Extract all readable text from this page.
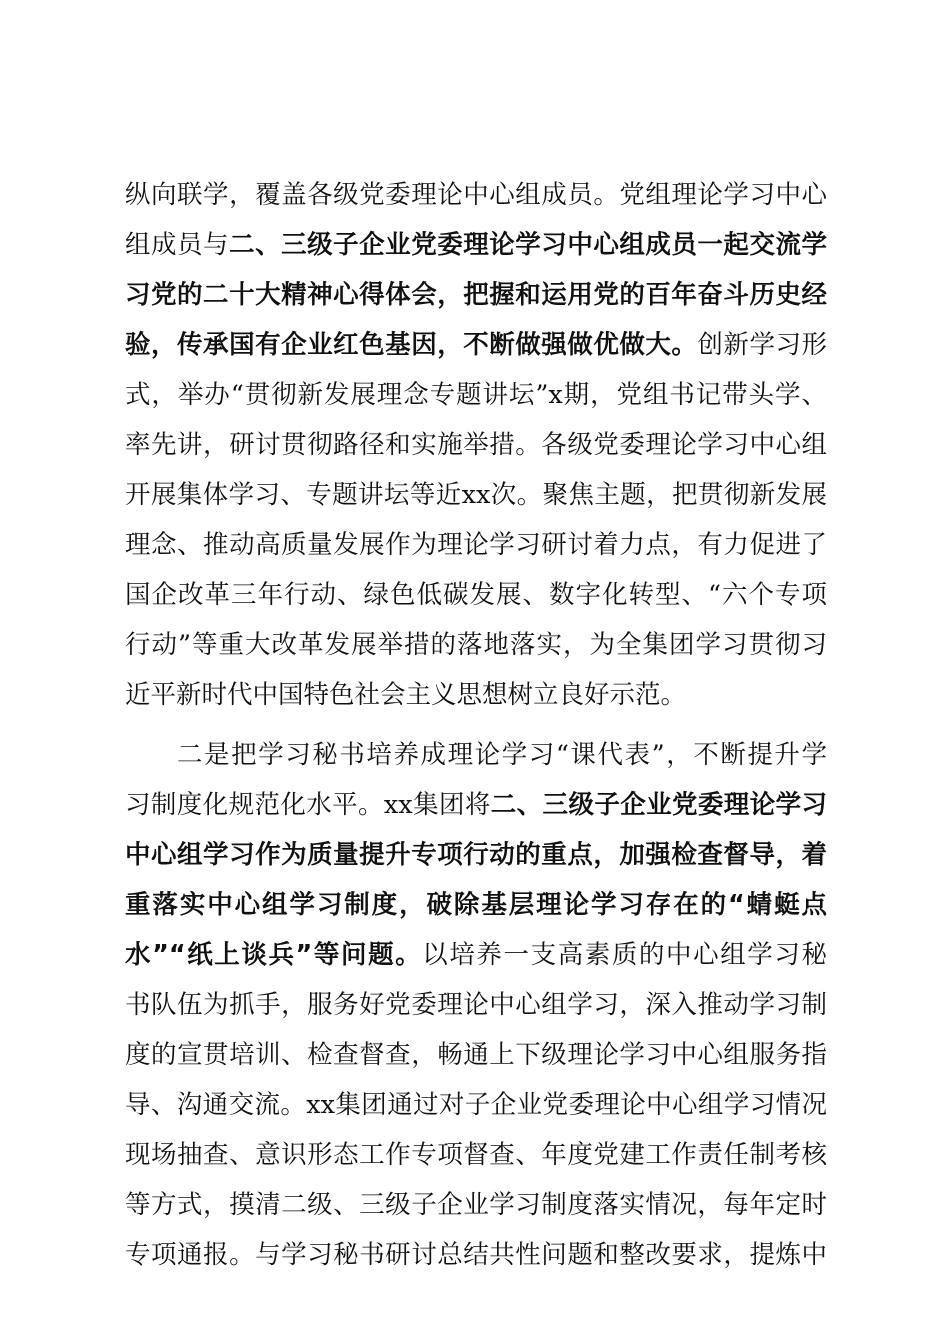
纵向联学，覆盖各级党委理论中心组成员。党组理论学习中心
组成员与二、三级子企业党委理论学习中心组成员一起交流学
习党的二十大精神心得体会，把握和运用党的百年奋斗历史经
验，传承国有企业红色基因，不断做强做优做大。创新学习形
式，举办“贯彻新发展理念专题讲坛”x期，党组书记带头学、
率先讲，研讨贯彻路径和实施举措。各级党委理论学习中心组
开展集体学习、专题讲坛等近xx次。聚焦主题，把贯彻新发展
理念、推动高质量发展作为理论学习研讨着力点，有力促进了
国企改革三年行动、绿色低碳发展、数字化转型、“六个专项
行动”等重大改革发展举措的落地落实，为全集团学习贯彻习
近平新时代中国特色社会主义思想树立良好示范。
二是把学习秘书培养成理论学习“课代表”，不断提升学
习制度化规范化水平。xx集团将二、三级子企业党委理论学习
中心组学习作为质量提升专项行动的重点，加强检查督导，着
重落实中心组学习制度，破除基层理论学习存在的“蜻蜓点
水”“纸上谈兵”等问题。以培养一支高素质的中心组学习秘
书队伍为抓手，服务好党委理论中心组学习，深入推动学习制
度的宣贯培训、检查督查，畅通上下级理论学习中心组服务指
导、沟通交流。xx集团通过对子企业党委理论中心组学习情况
现场抽查、意识形态工作专项督查、年度党建工作责任制考核
等方式，摸清二级、三级子企业学习制度落实情况，每年定时
专项通报。与学习秘书研讨总结共性问题和整改要求，提炼中
